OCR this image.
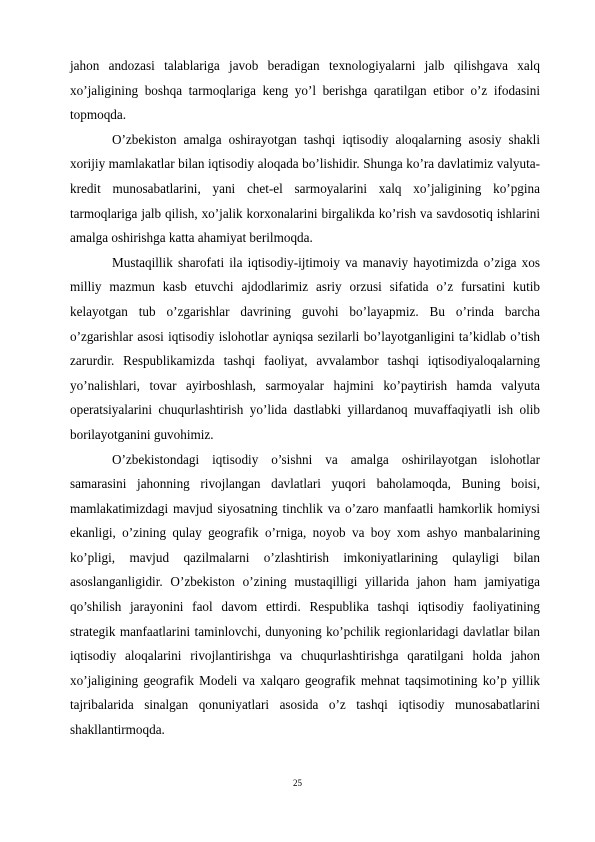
jahon andozasi talablariga javob beradigan texnologiyalarni jalb qilishgava xalq xo’jaligining boshqa tarmoqlariga keng yo’l berishga qaratilgan etibor o’z ifodasini topmoqda.

O’zbekiston amalga oshirayotgan tashqi iqtisodiy aloqalarning asosiy shakli xorijiy mamlakatlar bilan iqtisodiy aloqada bo’lishidir. Shunga ko’ra davlatimiz valyuta-kredit munosabatlarini, yani chet-el sarmoyalarini xalq xo’jaligining ko’pgina tarmoqlariga jalb qilish, xo’jalik korxonalarini birgalikda ko’rish va savdosotiq ishlarini amalga oshirishga katta ahamiyat berilmoqda.

Mustaqillik sharofati ila iqtisodiy-ijtimoiy va manaviy hayotimizda o’ziga xos milliy mazmun kasb etuvchi ajdodlarimiz asriy orzusi sifatida o’z fursatini kutib kelayotgan tub o’zgarishlar davrining guvohi bo’layapmiz. Bu o’rinda barcha o’zgarishlar asosi iqtisodiy islohotlar ayniqsa sezilarli bo’layotganligini ta’kidlab o’tish zarurdir. Respublikamizda tashqi faoliyat, avvalambor tashqi iqtisodiyaloqalarning yo’nalishlari, tovar ayirboshlash, sarmoyalar hajmini ko’paytirish hamda valyuta operatsiyalarini chuqurlashtirish yo’lida dastlabki yillardanoq muvaffaqiyatli ish olib borilayotganini guvohimiz.

O’zbekistondagi iqtisodiy o’sishni va amalga oshirilayotgan islohotlar samarasini jahonning rivojlangan davlatlari yuqori baholamoqda, Buning boisi, mamlakatimizdagi mavjud siyosatning tinchlik va o’zaro manfaatli hamkorlik homiysi ekanligi, o’zining qulay geografik o’rniga, noyob va boy xom ashyo manbalarining ko’pligi, mavjud qazilmalarni o’zlashtirish imkoniyatlarining qulayligi bilan asoslanganligidir. O’zbekiston o’zining mustaqilligi yillarida jahon ham jamiyatiga qo’shilish jarayonini faol davom ettirdi. Respublika tashqi iqtisodiy faoliyatining strategik manfaatlarini taminlovchi, dunyoning ko’pchilik regionlaridagi davlatlar bilan iqtisodiy aloqalarini rivojlantirishga va chuqurlashtirishga qaratilgani holda jahon xo’jaligining geografik Modeli va xalqaro geografik mehnat taqsimotining ko’p yillik tajribalarida sinalgan qonuniyatlari asosida o’z tashqi iqtisodiy munosabatlarini shakllantirmoqda.

25
